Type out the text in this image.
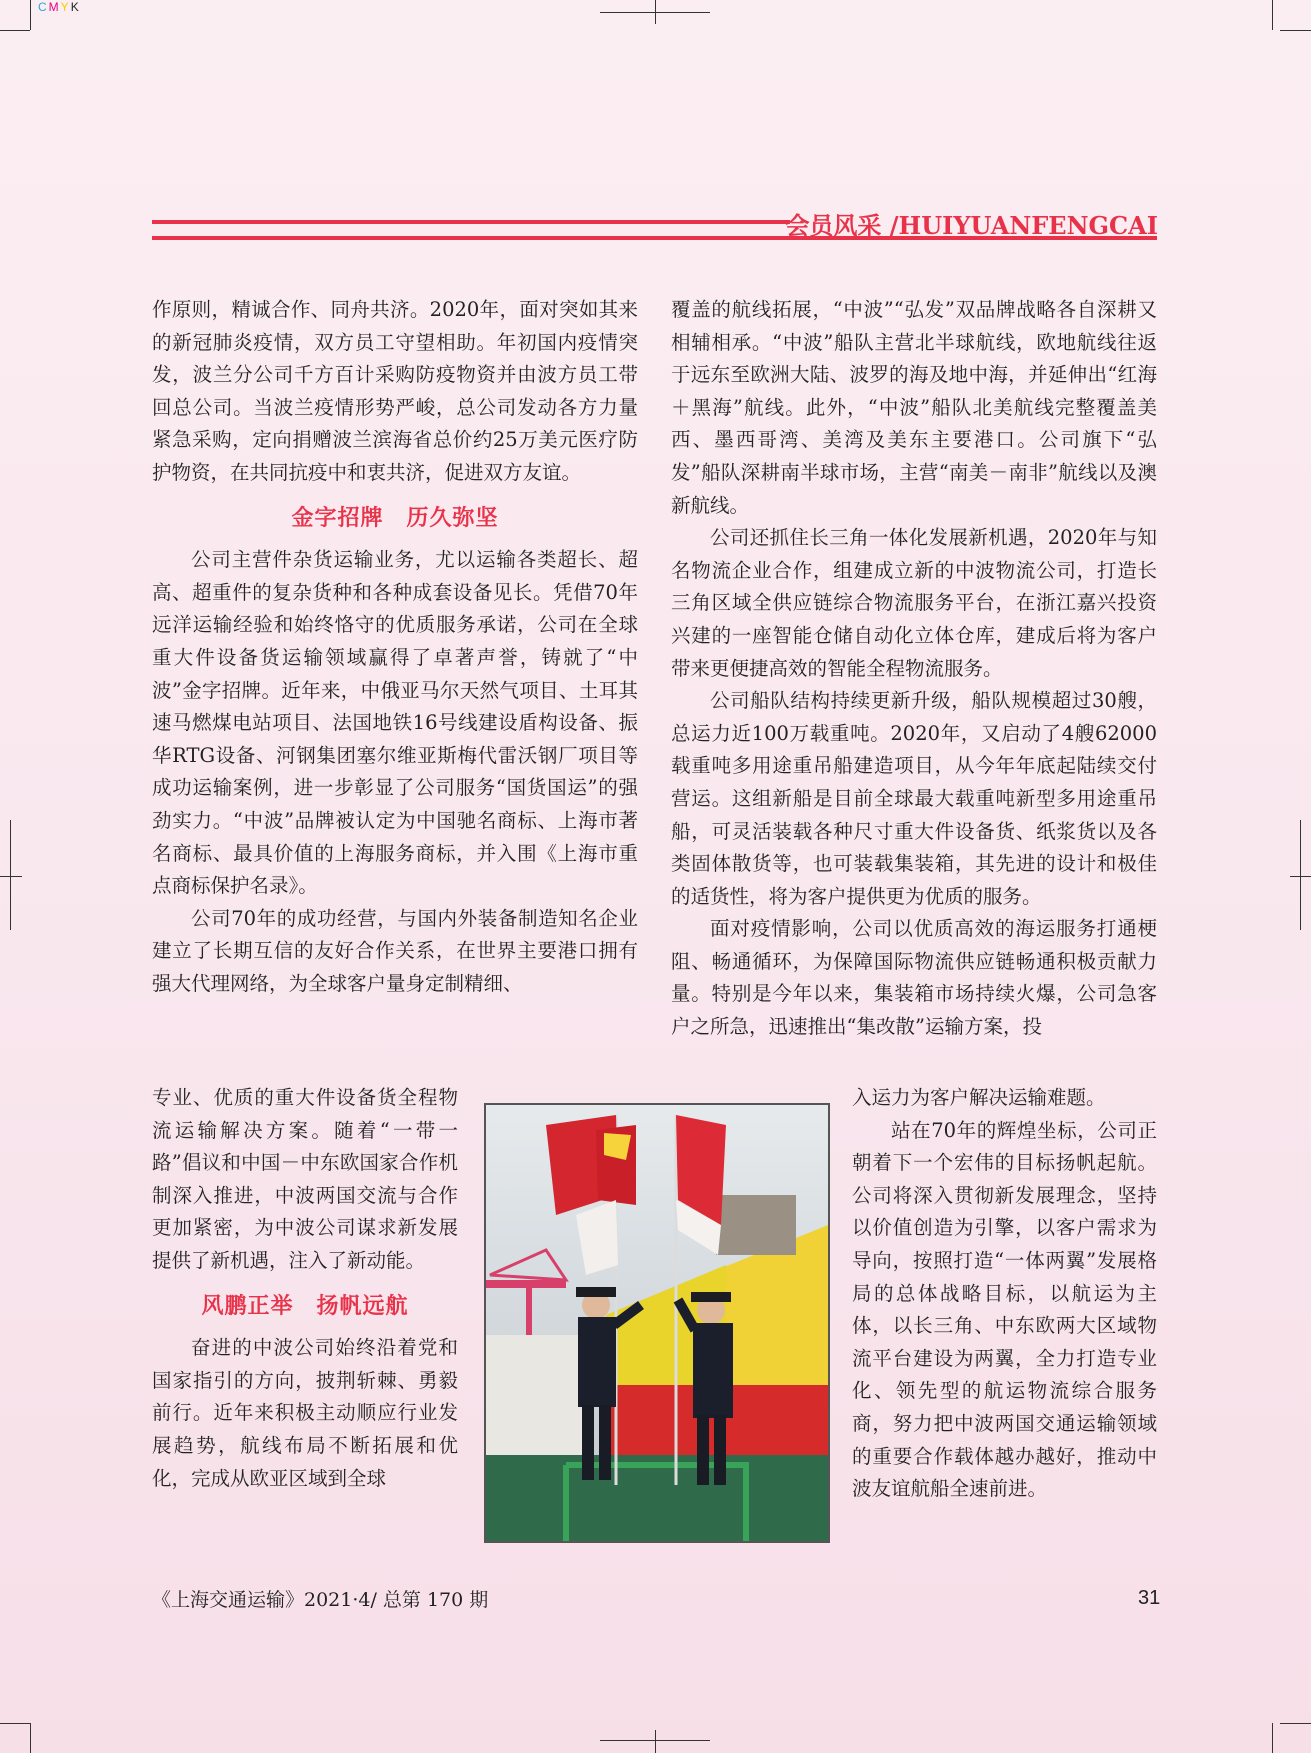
CMYK
会员风采 /HUIYUANFENGCAI

作原则，精诚合作、同舟共济。2020年，面对突如其来的新冠肺炎疫情，双方员工守望相助。年初国内疫情突发，波兰分公司千方百计采购防疫物资并由波方员工带回总公司。当波兰疫情形势严峻，总公司发动各方力量紧急采购，定向捐赠波兰滨海省总价约25万美元医疗防护物资，在共同抗疫中和衷共济，促进双方友谊。

金字招牌　历久弥坚

公司主营件杂货运输业务，尤以运输各类超长、超高、超重件的复杂货种和各种成套设备见长。凭借70年远洋运输经验和始终恪守的优质服务承诺，公司在全球重大件设备货运输领域赢得了卓著声誉，铸就了“中波”金字招牌。近年来，中俄亚马尔天然气项目、土耳其速马燃煤电站项目、法国地铁16号线建设盾构设备、振华RTG设备、河钢集团塞尔维亚斯梅代雷沃钢厂项目等成功运输案例，进一步彰显了公司服务“国货国运”的强劲实力。“中波”品牌被认定为中国驰名商标、上海市著名商标、最具价值的上海服务商标，并入围《上海市重点商标保护名录》。

公司70年的成功经营，与国内外装备制造知名企业建立了长期互信的友好合作关系，在世界主要港口拥有强大代理网络，为全球客户量身定制精细、

专业、优质的重大件设备货全程物流运输解决方案。随着“一带一路”倡议和中国－中东欧国家合作机制深入推进，中波两国交流与合作更加紧密，为中波公司谋求新发展提供了新机遇，注入了新动能。

风鹏正举　扬帆远航

奋进的中波公司始终沿着党和国家指引的方向，披荆斩棘、勇毅前行。近年来积极主动顺应行业发展趋势，航线布局不断拓展和优化，完成从欧亚区域到全球

覆盖的航线拓展，“中波”“弘发”双品牌战略各自深耕又相辅相承。“中波”船队主营北半球航线，欧地航线往返于远东至欧洲大陆、波罗的海及地中海，并延伸出“红海＋黑海”航线。此外，“中波”船队北美航线完整覆盖美西、墨西哥湾、美湾及美东主要港口。公司旗下“弘发”船队深耕南半球市场，主营“南美－南非”航线以及澳新航线。

公司还抓住长三角一体化发展新机遇，2020年与知名物流企业合作，组建成立新的中波物流公司，打造长三角区域全供应链综合物流服务平台，在浙江嘉兴投资兴建的一座智能仓储自动化立体仓库，建成后将为客户带来更便捷高效的智能全程物流服务。

公司船队结构持续更新升级，船队规模超过30艘，总运力近100万载重吨。2020年，又启动了4艘62000载重吨多用途重吊船建造项目，从今年年底起陆续交付营运。这组新船是目前全球最大载重吨新型多用途重吊船，可灵活装载各种尺寸重大件设备货、纸浆货以及各类固体散货等，也可装载集装箱，其先进的设计和极佳的适货性，将为客户提供更为优质的服务。

面对疫情影响，公司以优质高效的海运服务打通梗阻、畅通循环，为保障国际物流供应链畅通积极贡献力量。特别是今年以来，集装箱市场持续火爆，公司急客户之所急，迅速推出“集改散”运输方案，投

入运力为客户解决运输难题。

站在70年的辉煌坐标，公司正朝着下一个宏伟的目标扬帆起航。公司将深入贯彻新发展理念，坚持以价值创造为引擎，以客户需求为导向，按照打造“一体两翼”发展格局的总体战略目标，以航运为主体，以长三角、中东欧两大区域物流平台建设为两翼，全力打造专业化、领先型的航运物流综合服务商，努力把中波两国交通运输领域的重要合作载体越办越好，推动中波友谊航船全速前进。

《上海交通运输》2021·4/ 总第 170 期	31
